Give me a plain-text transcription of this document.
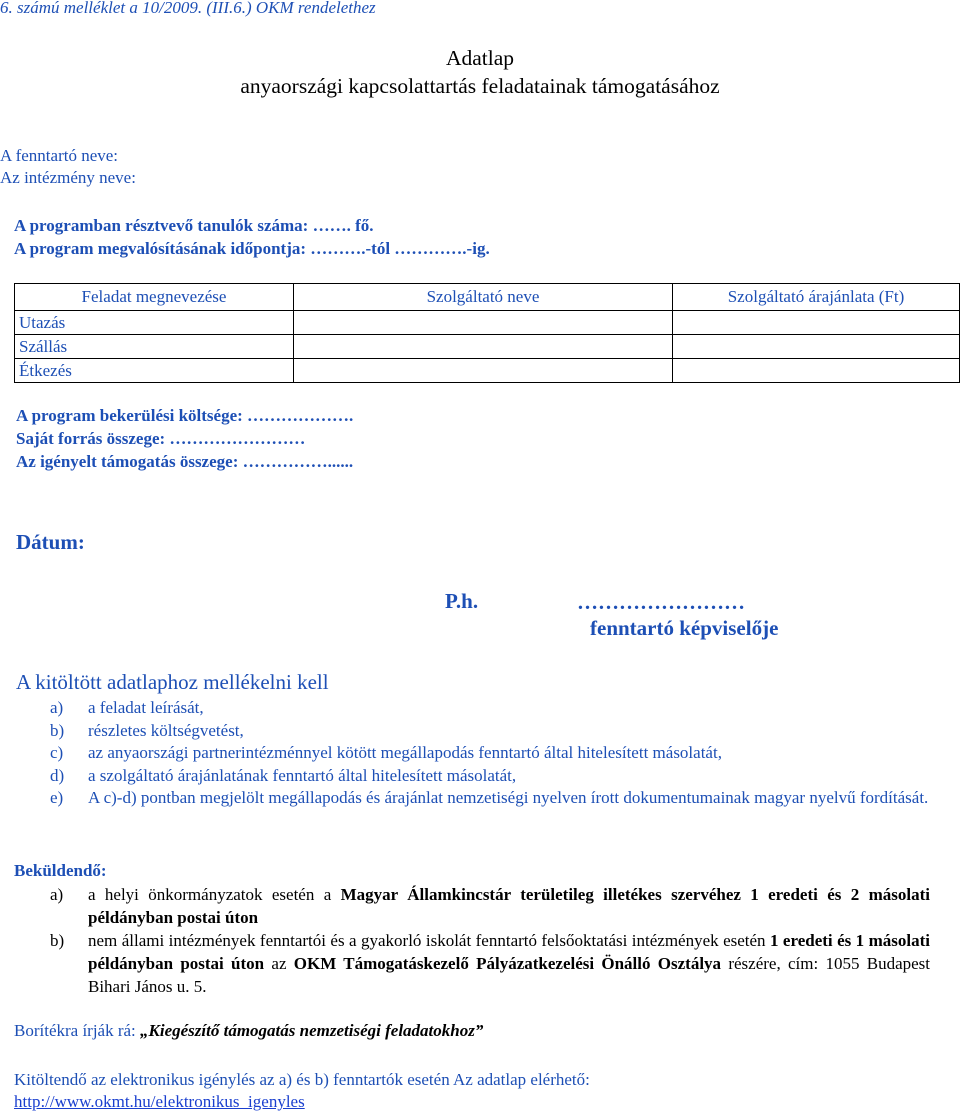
6. számú melléklet a 10/2009. (III.6.) OKM rendelethez
Adatlap
anyaországi kapcsolattartás feladatainak támogatásához
A fenntartó neve:
Az intézmény neve:
A programban résztvevő tanulók száma: ……. fő.
A program megvalósításának időpontja: ……….-tól ………….-ig.
Feladat megnevezése	Szolgáltató neve	Szolgáltató árajánlata (Ft)
Utazás		
Szállás		
Étkezés		
A program bekerülési költsége: ……………….
Saját forrás összege: ……………………
Az igényelt támogatás összege: ……………......
Dátum:
P.h.	……………………
fenntartó képviselője
A kitöltött adatlaphoz mellékelni kell
a) a feladat leírását,
b) részletes költségvetést,
c) az anyaországi partnerintézménnyel kötött megállapodás fenntartó által hitelesített másolatát,
d) a szolgáltató árajánlatának fenntartó által hitelesített másolatát,
e) A c)-d) pontban megjelölt megállapodás és árajánlat nemzetiségi nyelven írott dokumentumainak magyar nyelvű fordítását.
Beküldendő:
a) a helyi önkormányzatok esetén a Magyar Államkincstár területileg illetékes szervéhez 1 eredeti és 2 másolati példányban postai úton
b) nem állami intézmények fenntartói és a gyakorló iskolát fenntartó felsőoktatási intézmények esetén 1 eredeti és 1 másolati példányban postai úton az OKM Támogatáskezelő Pályázatkezelési Önálló Osztálya részére, cím: 1055 Budapest Bihari János u. 5.
Borítékra írják rá: „Kiegészítő támogatás nemzetiségi feladatokhoz”
Kitöltendő az elektronikus igénylés az a) és b) fenntartók esetén Az adatlap elérhető:
http://www.okmt.hu/elektronikus_igenyles
